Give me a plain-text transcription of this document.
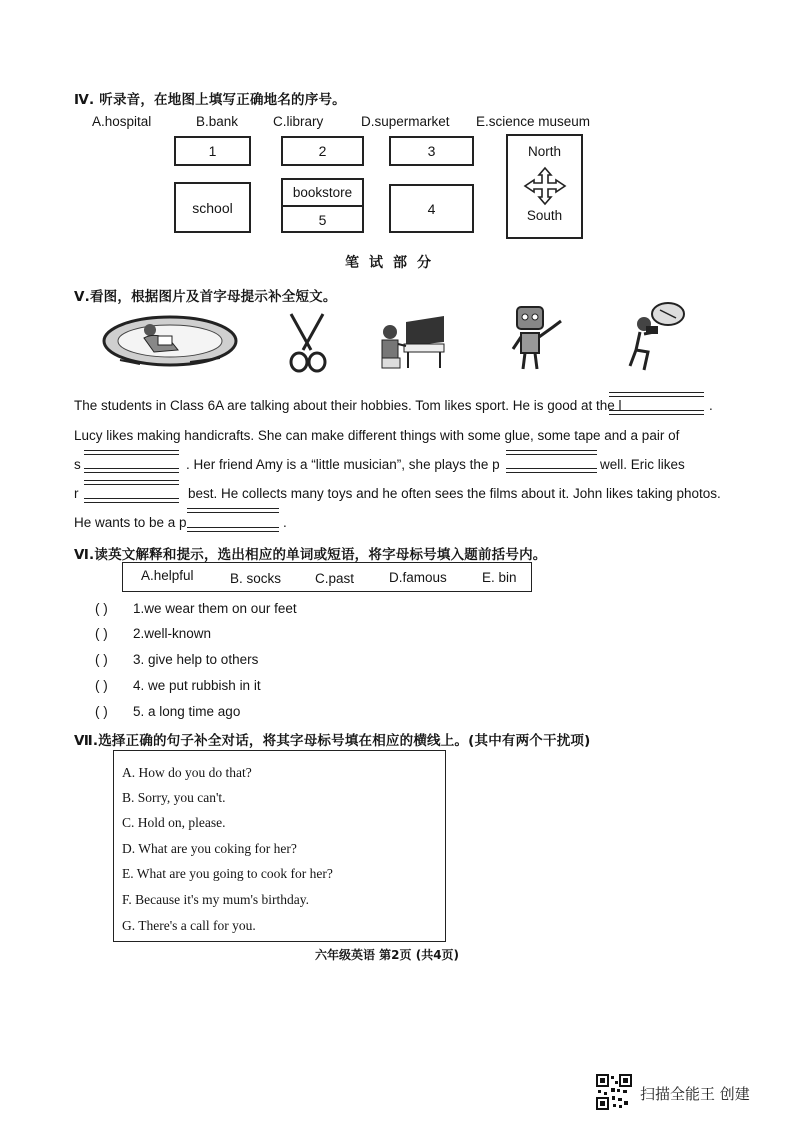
Ⅳ. 听录音，在地图上填写正确地名的序号。
A.hospital	B.bank	C.library	D.supermarket E.science museum
1	2	3
school
bookstore
5
4
North
South
笔试部分
Ⅴ.看图，根据图片及首字母提示补全短文。
The students in Class 6A are talking about their hobbies. Tom likes sport. He is good at the l	.
Lucy likes making handicrafts. She can make different things with some glue, some tape and a pair of
s	. Her friend Amy is a “little musician”, she plays the p	well. Eric likes
r	best. He collects many toys and he often sees the films about it. John likes taking photos.
He wants to be a p	.
Ⅵ.读英文解释和提示，选出相应的单词或短语，将字母标号填入题前括号内。
A.helpful	B. socks	C.past	D.famous	E. bin
( ) 1.we wear them on our feet
( ) 2.well-known
( ) 3. give help to others
( ) 4. we put rubbish in it
( ) 5. a long time ago
Ⅶ.选择正确的句子补全对话，将其字母标号填在相应的横线上。(其中有两个干扰项)
A. How do you do that?
B. Sorry, you can't.
C. Hold on, please.
D. What are you coking for her?
E. What are you going to cook for her?
F. Because it's my mum's birthday.
G. There's a call for you.
六年级英语 第2页 (共4页)
扫描全能王 创建
